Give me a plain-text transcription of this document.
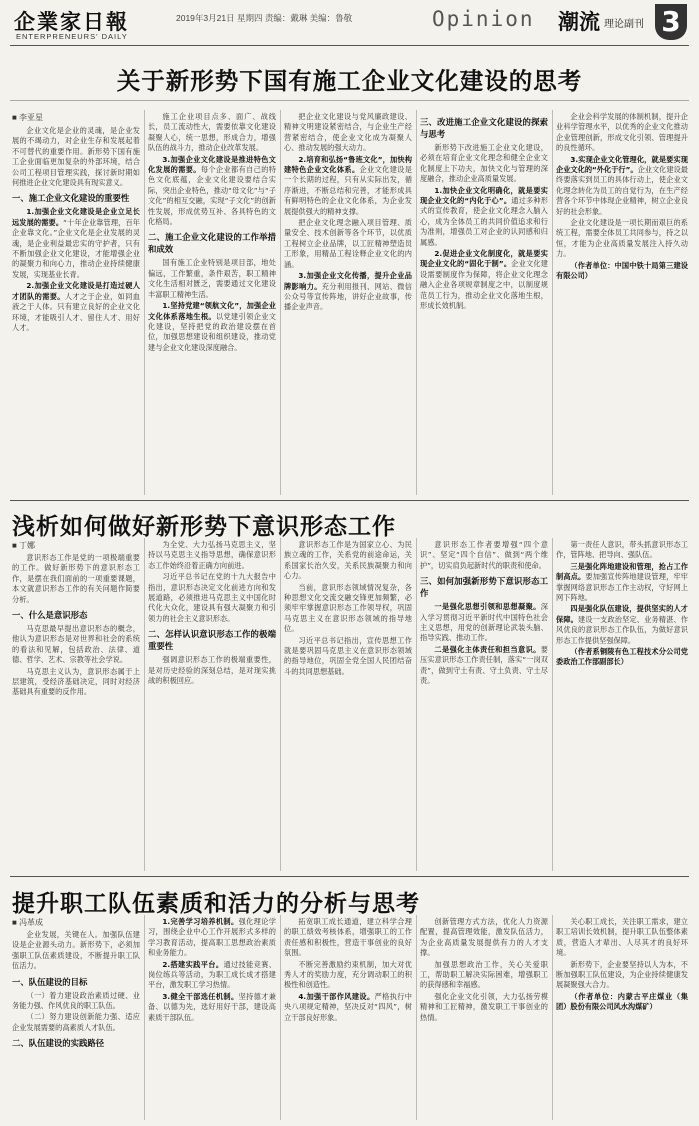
企業家日報
ENTERPRENEURS' DAILY
2019年3月21日 星期四 责编：戴琳 美编：鲁敬	Opinion 潮流 理论副刊 3
关于新形势下国有施工企业文化建设的思考
■ 李亚星

企业文化是企业的灵魂，是企业发展的不竭动力，对企业生存和发展起着不可替代的重要作用。新形势下国有施工企业面临更加复杂的外部环境，结合公司工程项目管理实践，探讨新时期如何推进企业文化建设具有现实意义。

一、施工企业文化建设的重要性

1.加强企业文化建设是企业立足长远发展的需要。“十年企业靠管理，百年企业靠文化。”企业文化是企业发展的灵魂，是企业利益最忠实的守护者，只有不断加强企业文化建设，才能增强企业的凝聚力和向心力，推动企业持续健康发展，实现基业长青。

2.加强企业文化建设是打造过硬人才团队的需要。人才之于企业，如同血液之于人体。只有建立良好的企业文化环境，才能吸引人才、留住人才、用好人才。

施工企业项目点多、面广、战线长，员工流动性大，需要依靠文化建设凝聚人心，统一思想，形成合力，增强队伍的战斗力，推动企业改革发展。

3.加强企业文化建设是推进特色文化发展的需要。每个企业都有自己的特色文化底蕴，企业文化建设要结合实际，突出企业特色，推动“母文化”与“子文化”的相互交融，实现“子文化”的创新性发展，形成优势互补、各具特色的文化格局。

二、施工企业文化建设的工作举措和成效

国有施工企业特别是项目部，地处偏远，工作繁重，条件艰苦，职工精神文化生活相对匮乏，需要通过文化建设丰富职工精神生活。

1.坚持党建“领航文化”，加强企业文化体系落地生根。以党建引领企业文化建设，坚持把党的政治建设摆在首位，加强思想建设和组织建设，推动党建与企业文化建设深度融合。

把企业文化建设与党风廉政建设、精神文明建设紧密结合，与企业生产经营紧密结合，使企业文化成为凝聚人心、推动发展的强大动力。

2.培育和弘扬“鲁班文化”，加快构建特色企业文化体系。企业文化建设是一个长期的过程，只有从实际出发，循序渐进，不断总结和完善，才能形成具有鲜明特色的企业文化体系，为企业发展提供强大的精神支撑。

把企业文化理念融入项目管理、质量安全、技术创新等各个环节，以优质工程树立企业品牌，以工匠精神塑造员工形象，用精品工程诠释企业文化的内涵。

3.加强企业文化传播，提升企业品牌影响力。充分利用报刊、网站、微信公众号等宣传阵地，讲好企业故事，传播企业声音。

三、改进施工企业文化建设的探索与思考

新形势下改进施工企业文化建设，必须在培育企业文化理念和健全企业文化制度上下功夫，加快文化与管理的深度融合，推动企业高质量发展。

1.加快企业文化明确化，就是要实现企业文化的“内化于心”。通过多种形式的宣传教育，使企业文化理念入脑入心，成为全体员工的共同价值追求和行为准则，增强员工对企业的认同感和归属感。

2.促进企业文化制度化，就是要实现企业文化的“固化于制”。企业文化建设需要制度作为保障，将企业文化理念融入企业各项规章制度之中，以制度规范员工行为，推动企业文化落地生根，形成长效机制。

企业会科学发展的体制机制，提升企业科学管理水平，以优秀的企业文化推动企业管理创新，形成文化引领、管理提升的良性循环。

3.实现企业文化管理化，就是要实现企业文化的“外化于行”。企业文化建设最终要落实到员工的具体行动上，使企业文化理念转化为员工的自觉行为，在生产经营各个环节中体现企业精神，树立企业良好的社会形象。

企业文化建设是一项长期而艰巨的系统工程，需要全体员工共同参与，持之以恒，才能为企业高质量发展注入持久动力。

（作者单位：中国中铁十局第三建设有限公司）

浅析如何做好新形势下意识形态工作
■ 丁娜

意识形态工作是党的一项极端重要的工作。做好新形势下的意识形态工作，是摆在我们面前的一项重要课题，本文就意识形态工作的有关问题作简要分析。

一、什么是意识形态

马克思最早提出意识形态的概念，他认为意识形态是对世界和社会的系统的看法和见解，包括政治、法律、道德、哲学、艺术、宗教等社会学说。

马克思主义认为，意识形态属于上层建筑，受经济基础决定，同时对经济基础具有重要的反作用。

为全党、大力弘扬马克思主义，坚持以马克思主义指导思想，确保意识形态工作始终沿着正确方向前进。

习近平总书记在党的十九大报告中指出，意识形态决定文化前进方向和发展道路，必须推进马克思主义中国化时代化大众化，建设具有强大凝聚力和引领力的社会主义意识形态。

二、怎样认识意识形态工作的极端重要性

强调意识形态工作的极端重要性，是对历史经验的深刻总结，是对现实挑战的积极回应。

意识形态工作是为国家立心、为民族立魂的工作，关系党的前途命运，关系国家长治久安，关系民族凝聚力和向心力。

当前，意识形态领域情况复杂，各种思想文化交流交融交锋更加频繁，必须牢牢掌握意识形态工作领导权，巩固马克思主义在意识形态领域的指导地位。

习近平总书记指出，宣传思想工作就是要巩固马克思主义在意识形态领域的指导地位，巩固全党全国人民团结奋斗的共同思想基础。

意识形态工作者要增强“四个意识”、坚定“四个自信”、做到“两个维护”，切实肩负起新时代的职责和使命。

三、如何加强新形势下意识形态工作

一是强化思想引领和思想凝聚。深入学习贯彻习近平新时代中国特色社会主义思想，用党的创新理论武装头脑、指导实践、推动工作。

二是强化主体责任和担当意识。要压实意识形态工作责任制，落实“一岗双责”，做到守土有责、守土负责、守土尽责。

第一责任人意识，带头抓意识形态工作，管阵地、把导向、强队伍。

三是强化阵地建设和管理，抢占工作制高点。要加强宣传阵地建设管理，牢牢掌握网络意识形态工作主动权，守好网上网下阵地。

四是强化队伍建设，提供坚实的人才保障。建设一支政治坚定、业务精湛、作风优良的意识形态工作队伍，为做好意识形态工作提供坚强保障。

（作者系铜陵有色工程技术分公司党委政治工作部副部长）

提升职工队伍素质和活力的分析与思考
■ 冯革成

企业发展，关键在人。加强队伍建设是企业源头动力。新形势下，必须加强职工队伍素质建设，不断提升职工队伍活力。

一、队伍建设的目标

（一）着力建设政治素质过硬、业务能力强、作风优良的职工队伍。

（二）努力建设创新能力强、适应企业发展需要的高素质人才队伍。

二、队伍建设的实践路径

1.完善学习培养机制。强化理论学习，围绕企业中心工作开展形式多样的学习教育活动，提高职工思想政治素质和业务能力。

2.搭建实践平台。通过技能竞赛、岗位练兵等活动，为职工成长成才搭建平台，激发职工学习热情。

3.健全干部选任机制。坚持德才兼备、以德为先，选好用好干部，建设高素质干部队伍。

拓宽职工成长通道，建立科学合理的职工绩效考核体系，增强职工的工作责任感和积极性，营造干事创业的良好氛围。

不断完善激励约束机制，加大对优秀人才的奖励力度，充分调动职工的积极性和创造性。

4.加强干部作风建设。严格执行中央八项规定精神，坚决反对“四风”，树立干部良好形象。

创新管理方式方法，优化人力资源配置，提高管理效能，激发队伍活力，为企业高质量发展提供有力的人才支撑。

加强思想政治工作，关心关爱职工，帮助职工解决实际困难，增强职工的获得感和幸福感。

强化企业文化引领，大力弘扬劳模精神和工匠精神，激发职工干事创业的热情。

关心职工成长，关注职工需求，建立职工培训长效机制，提升职工队伍整体素质，营造人才辈出、人尽其才的良好环境。

新形势下，企业要坚持以人为本，不断加强职工队伍建设，为企业持续健康发展凝聚强大合力。

（作者单位：内蒙古平庄煤业（集团）股份有限公司风水沟煤矿）
